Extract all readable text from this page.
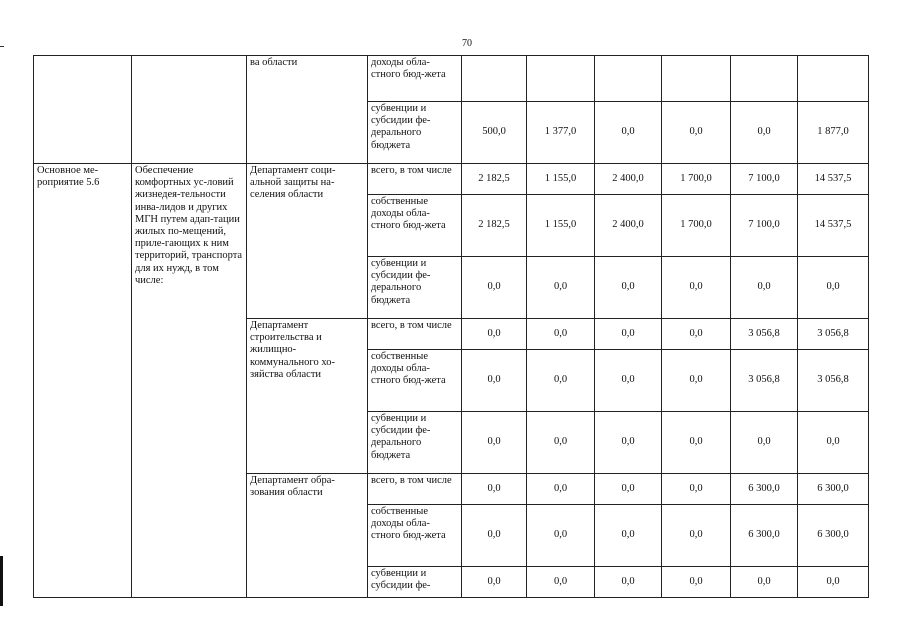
70
		ва области	доходы обла-стного бюд-жета						
			субвенции и субсидии фе-дерального бюджета	500,0	1 377,0	0,0	0,0	0,0	1 877,0
Основное ме-роприятие 5.6	Обеспечение комфортных ус-ловий жизнедея-тельности инва-лидов и других МГН путем адап-тации жилых по-мещений, приле-гающих к ним территорий, транспорта для их нужд, в том числе:	Департамент соци-альной защиты на-селения области	всего, в том числе	2 182,5	1 155,0	2 400,0	1 700,0	7 100,0	14 537,5
			собственные доходы обла-стного бюд-жета	2 182,5	1 155,0	2 400,0	1 700,0	7 100,0	14 537,5
			субвенции и субсидии фе-дерального бюджета	0,0	0,0	0,0	0,0	0,0	0,0
		Департамент строительства и жилищно-коммунального хо-зяйства области	всего, в том числе	0,0	0,0	0,0	0,0	3 056,8	3 056,8
			собственные доходы обла-стного бюд-жета	0,0	0,0	0,0	0,0	3 056,8	3 056,8
			субвенции и субсидии фе-дерального бюджета	0,0	0,0	0,0	0,0	0,0	0,0
		Департамент обра-зования области	всего, в том числе	0,0	0,0	0,0	0,0	6 300,0	6 300,0
			собственные доходы обла-стного бюд-жета	0,0	0,0	0,0	0,0	6 300,0	6 300,0
			субвенции и субсидии фе-	0,0	0,0	0,0	0,0	0,0	0,0
